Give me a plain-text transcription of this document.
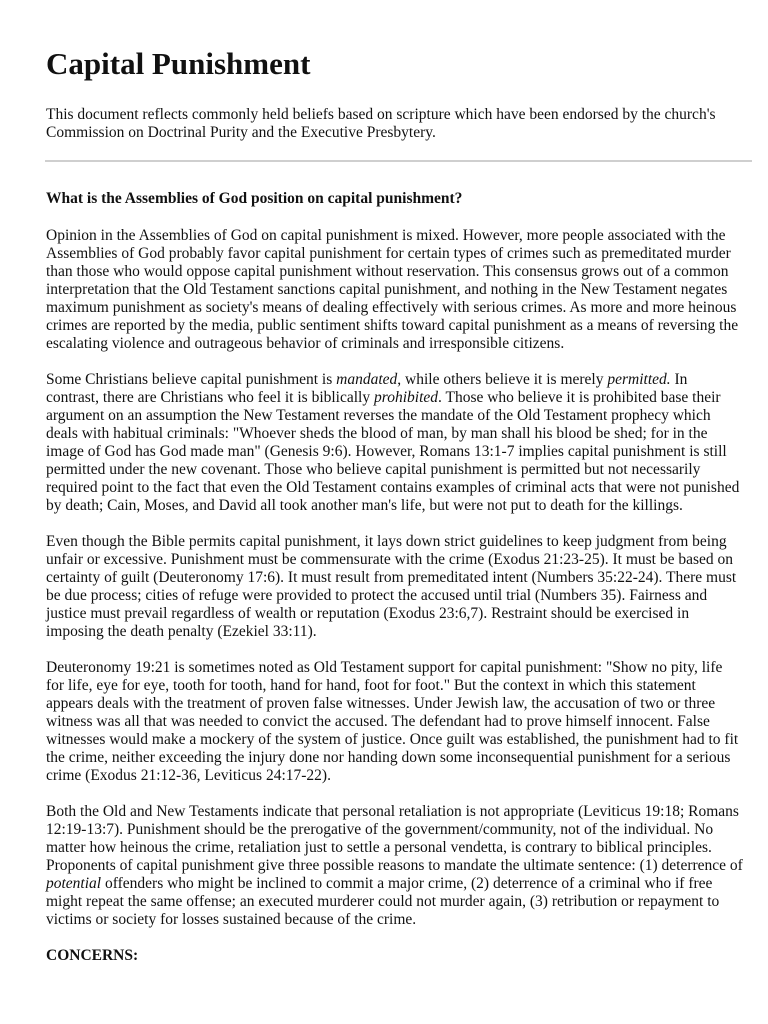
Capital Punishment
This document reflects commonly held beliefs based on scripture which have been endorsed by the church's
Commission on Doctrinal Purity and the Executive Presbytery.
What is the Assemblies of God position on capital punishment?
Opinion in the Assemblies of God on capital punishment is mixed. However, more people associated with the
Assemblies of God probably favor capital punishment for certain types of crimes such as premeditated murder
than those who would oppose capital punishment without reservation. This consensus grows out of a common
interpretation that the Old Testament sanctions capital punishment, and nothing in the New Testament negates
maximum punishment as society's means of dealing effectively with serious crimes. As more and more heinous
crimes are reported by the media, public sentiment shifts toward capital punishment as a means of reversing the
escalating violence and outrageous behavior of criminals and irresponsible citizens.
Some Christians believe capital punishment is mandated, while others believe it is merely permitted. In
contrast, there are Christians who feel it is biblically prohibited. Those who believe it is prohibited base their
argument on an assumption the New Testament reverses the mandate of the Old Testament prophecy which
deals with habitual criminals: "Whoever sheds the blood of man, by man shall his blood be shed; for in the
image of God has God made man" (Genesis 9:6). However, Romans 13:1-7 implies capital punishment is still
permitted under the new covenant. Those who believe capital punishment is permitted but not necessarily
required point to the fact that even the Old Testament contains examples of criminal acts that were not punished
by death; Cain, Moses, and David all took another man's life, but were not put to death for the killings.
Even though the Bible permits capital punishment, it lays down strict guidelines to keep judgment from being
unfair or excessive. Punishment must be commensurate with the crime (Exodus 21:23-25). It must be based on
certainty of guilt (Deuteronomy 17:6). It must result from premeditated intent (Numbers 35:22-24). There must
be due process; cities of refuge were provided to protect the accused until trial (Numbers 35). Fairness and
justice must prevail regardless of wealth or reputation (Exodus 23:6,7). Restraint should be exercised in
imposing the death penalty (Ezekiel 33:11).
Deuteronomy 19:21 is sometimes noted as Old Testament support for capital punishment: "Show no pity, life
for life, eye for eye, tooth for tooth, hand for hand, foot for foot." But the context in which this statement
appears deals with the treatment of proven false witnesses. Under Jewish law, the accusation of two or three
witness was all that was needed to convict the accused. The defendant had to prove himself innocent. False
witnesses would make a mockery of the system of justice. Once guilt was established, the punishment had to fit
the crime, neither exceeding the injury done nor handing down some inconsequential punishment for a serious
crime (Exodus 21:12-36, Leviticus 24:17-22).
Both the Old and New Testaments indicate that personal retaliation is not appropriate (Leviticus 19:18; Romans
12:19-13:7). Punishment should be the prerogative of the government/community, not of the individual. No
matter how heinous the crime, retaliation just to settle a personal vendetta, is contrary to biblical principles.
Proponents of capital punishment give three possible reasons to mandate the ultimate sentence: (1) deterrence of
potential offenders who might be inclined to commit a major crime, (2) deterrence of a criminal who if free
might repeat the same offense; an executed murderer could not murder again, (3) retribution or repayment to
victims or society for losses sustained because of the crime.
CONCERNS:
